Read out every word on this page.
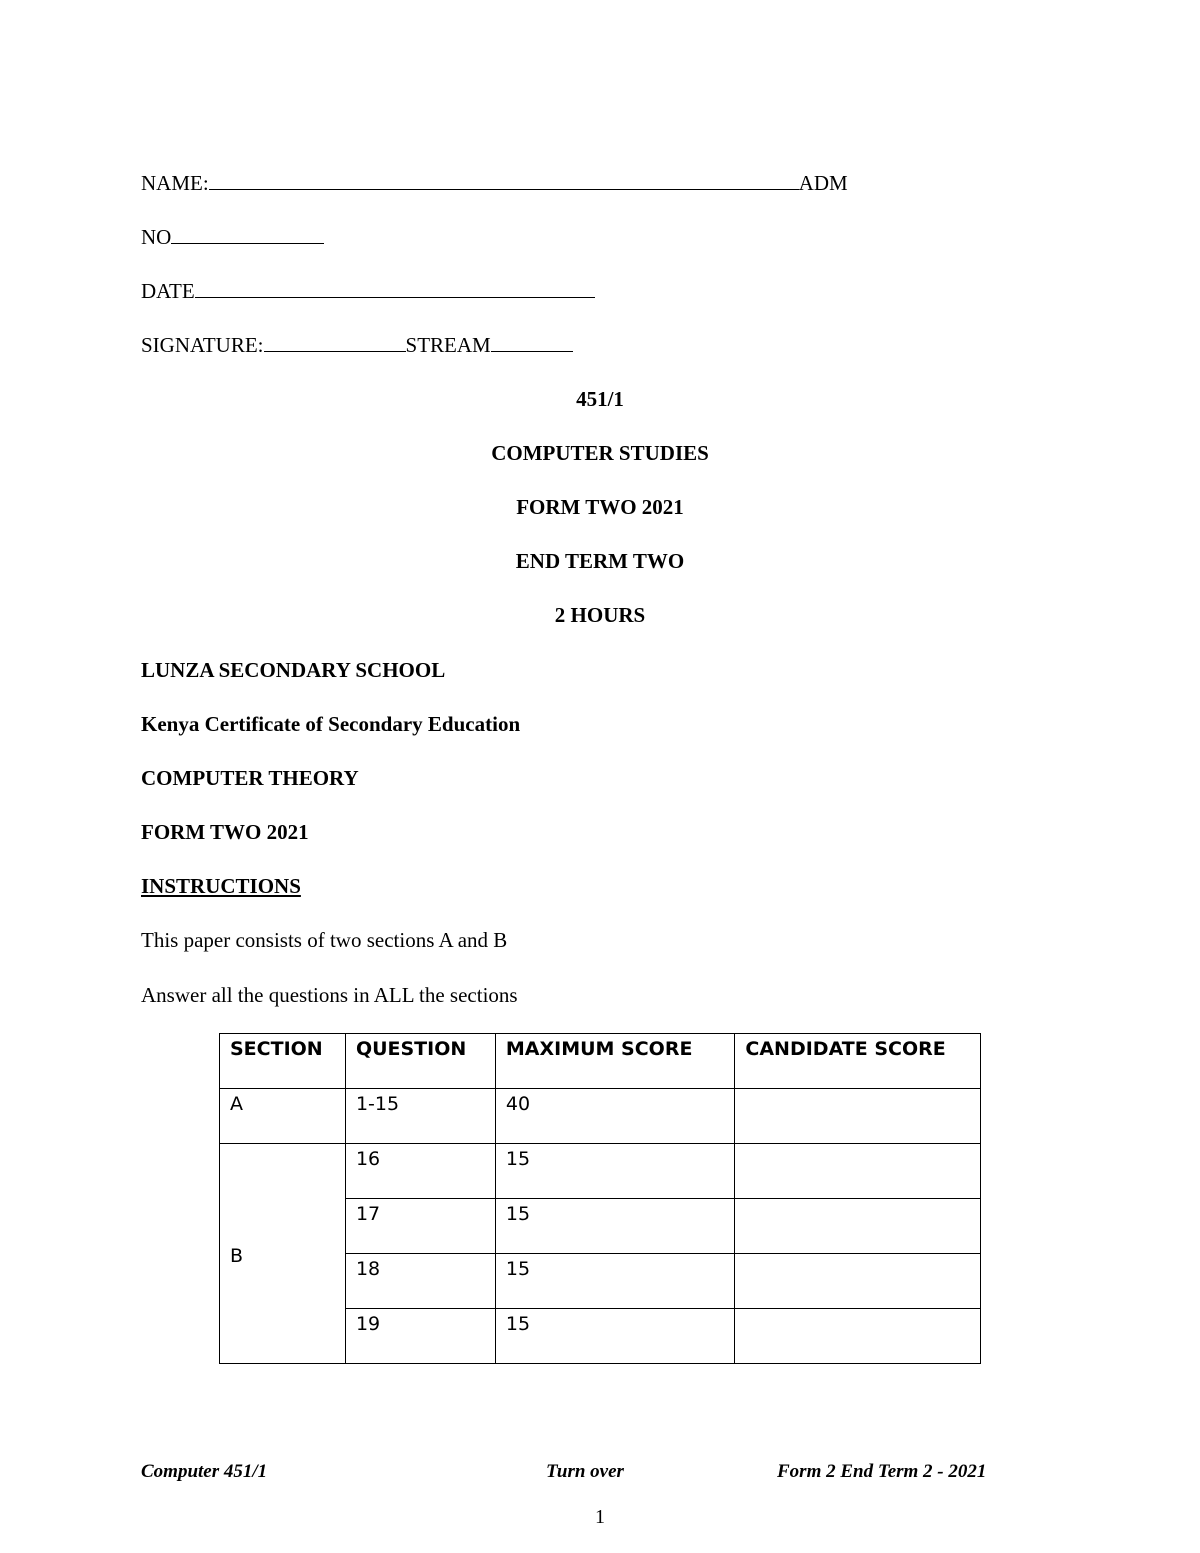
NAME:	ADM
NO
DATE
SIGNATURE:	STREAM
451/1
COMPUTER STUDIES
FORM TWO 2021
END TERM TWO
2 HOURS
LUNZA SECONDARY SCHOOL
Kenya Certificate of Secondary Education
COMPUTER THEORY
FORM TWO 2021
INSTRUCTIONS
This paper consists of two sections A and B
Answer all the questions in ALL the sections
SECTION	QUESTION	MAXIMUM SCORE	CANDIDATE SCORE
A	1-15	40	
B	16	15	
	17	15	
	18	15	
	19	15	
Computer 451/1	Turn over	Form 2 End Term 2 - 2021
1
